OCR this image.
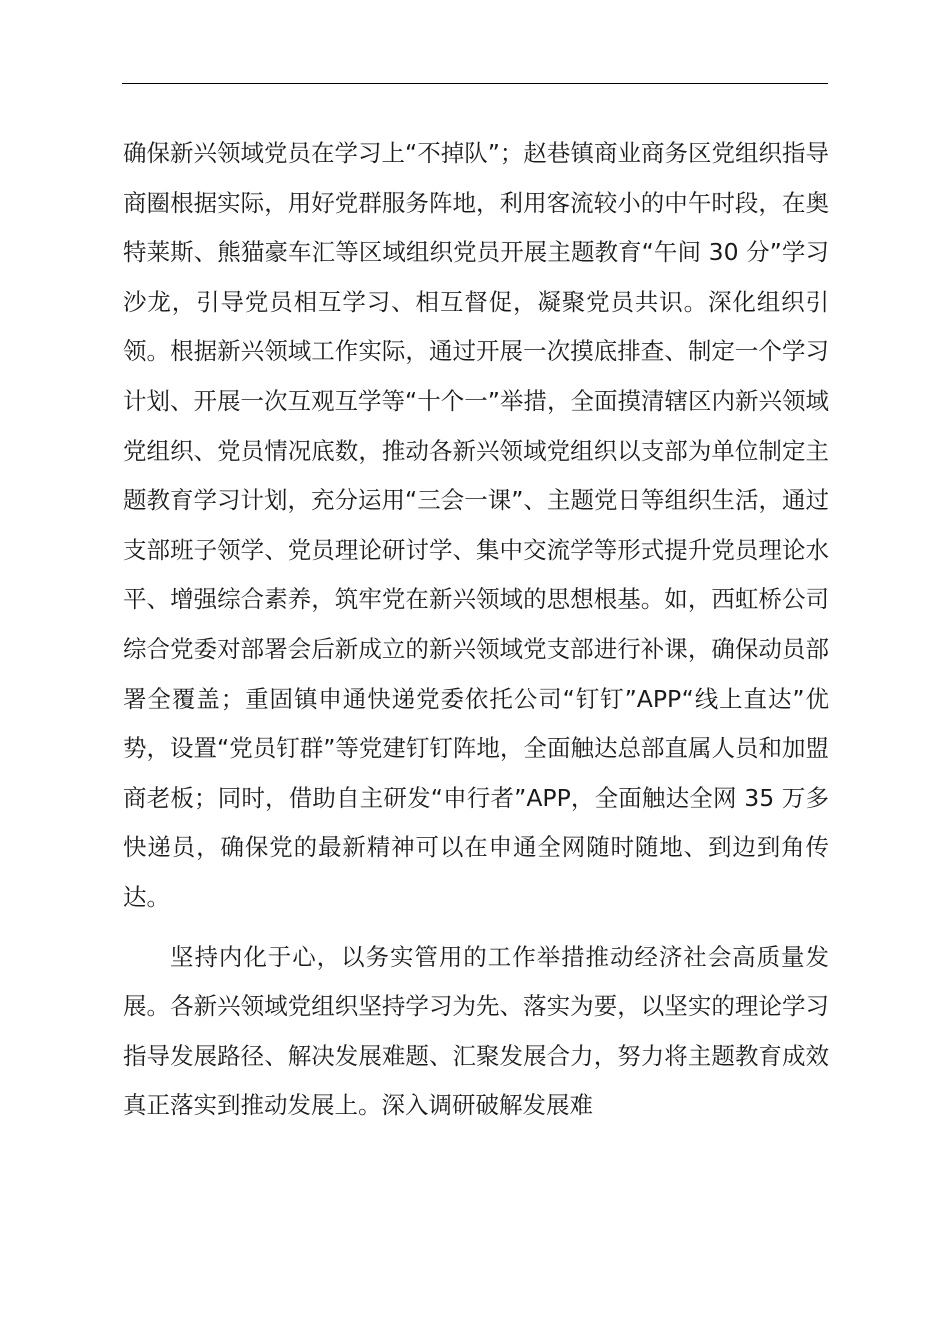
确保新兴领域党员在学习上“不掉队”；赵巷镇商业商务区党组织指导商圈根据实际，用好党群服务阵地，利用客流较小的中午时段，在奥特莱斯、熊猫豪车汇等区域组织党员开展主题教育“午间 30 分”学习沙龙，引导党员相互学习、相互督促，凝聚党员共识。深化组织引领。根据新兴领域工作实际，通过开展一次摸底排查、制定一个学习计划、开展一次互观互学等“十个一”举措，全面摸清辖区内新兴领域党组织、党员情况底数，推动各新兴领域党组织以支部为单位制定主题教育学习计划，充分运用“三会一课”、主题党日等组织生活，通过支部班子领学、党员理论研讨学、集中交流学等形式提升党员理论水平、增强综合素养，筑牢党在新兴领域的思想根基。如，西虹桥公司综合党委对部署会后新成立的新兴领域党支部进行补课，确保动员部署全覆盖；重固镇申通快递党委依托公司“钉钉”APP“线上直达”优势，设置“党员钉群”等党建钉钉阵地，全面触达总部直属人员和加盟商老板；同时，借助自主研发“申行者”APP，全面触达全网 35 万多快递员，确保党的最新精神可以在申通全网随时随地、到边到角传达。

坚持内化于心，以务实管用的工作举措推动经济社会高质量发展。各新兴领域党组织坚持学习为先、落实为要，以坚实的理论学习指导发展路径、解决发展难题、汇聚发展合力，努力将主题教育成效真正落实到推动发展上。深入调研破解发展难
